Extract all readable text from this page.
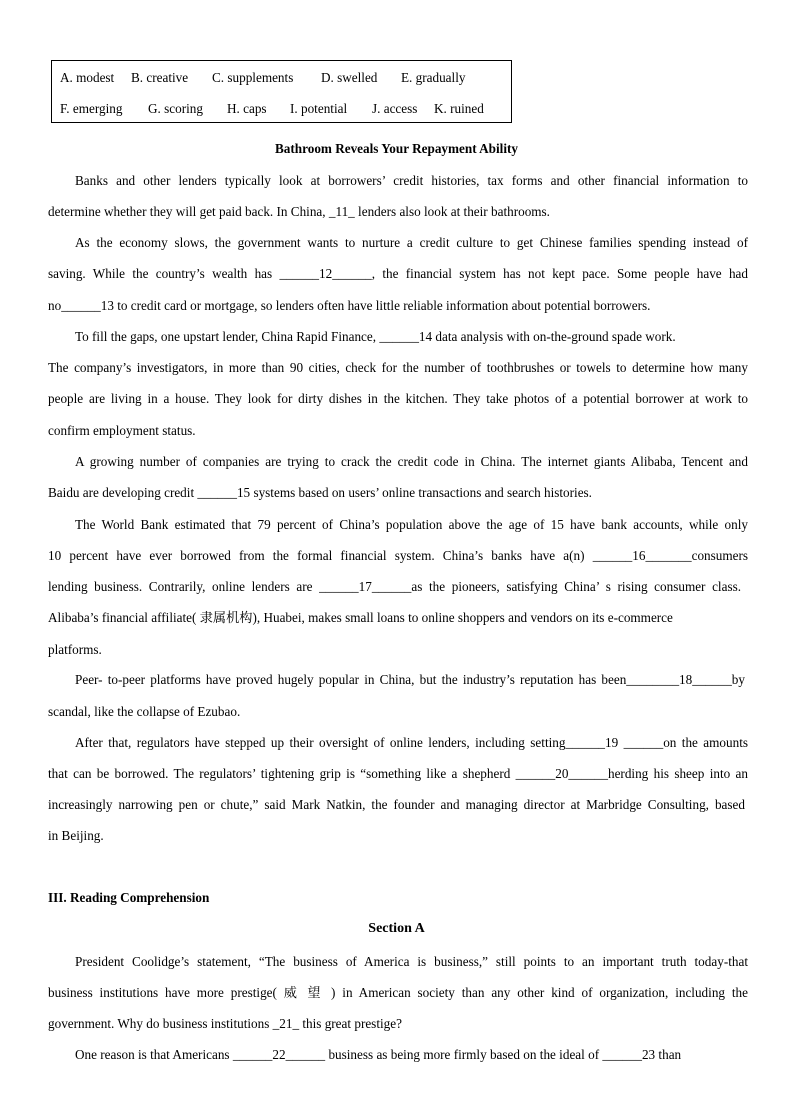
A. modest B. creative C. supplements D. swelled E. gradually
F. emerging G. scoring H. caps I. potential J. access K. ruined
Bathroom Reveals Your Repayment Ability
Banks and other lenders typically look at borrowers’ credit histories, tax forms and other financial information to
determine whether they will get paid back. In China, _11_ lenders also look at their bathrooms.
As the economy slows, the government wants to nurture a credit culture to get Chinese families spending instead of
saving. While the country’s wealth has ______12______, the financial system has not kept pace. Some people have had
no______13 to credit card or mortgage, so lenders often have little reliable information about potential borrowers.
To fill the gaps, one upstart lender, China Rapid Finance, ______14 data analysis with on-the-ground spade work.
The company’s investigators, in more than 90 cities, check for the number of toothbrushes or towels to determine how many
people are living in a house. They look for dirty dishes in the kitchen. They take photos of a potential borrower at work to
confirm employment status.
A growing number of companies are trying to crack the credit code in China. The internet giants Alibaba, Tencent and
Baidu are developing credit ______15 systems based on users’ online transactions and search histories.
The World Bank estimated that 79 percent of China’s population above the age of 15 have bank accounts, while only
10 percent have ever borrowed from the formal financial system. China’s banks have a(n) ______16_______consumers
lending business. Contrarily, online lenders are ______17______as the pioneers, satisfying China’ s rising consumer class.
Alibaba’s financial affiliate( 隶属机构), Huabei, makes small loans to online shoppers and vendors on its e-commerce
platforms.
Peer- to-peer platforms have proved hugely popular in China, but the industry’s reputation has been________18______by
scandal, like the collapse of Ezubao.
After that, regulators have stepped up their oversight of online lenders, including setting______19 ______on the amounts
that can be borrowed. The regulators’ tightening grip is “something like a shepherd ______20______herding his sheep into an
increasingly narrowing pen or chute,” said Mark Natkin, the founder and managing director at Marbridge Consulting, based
in Beijing.
III. Reading Comprehension
Section A
President Coolidge’s statement, “The business of America is business,” still points to an important truth today-that
business institutions have more prestige( 威 望 ) in American society than any other kind of organization, including the
government. Why do business institutions _21_ this great prestige?
One reason is that Americans ______22______ business as being more firmly based on the ideal of ______23 than
